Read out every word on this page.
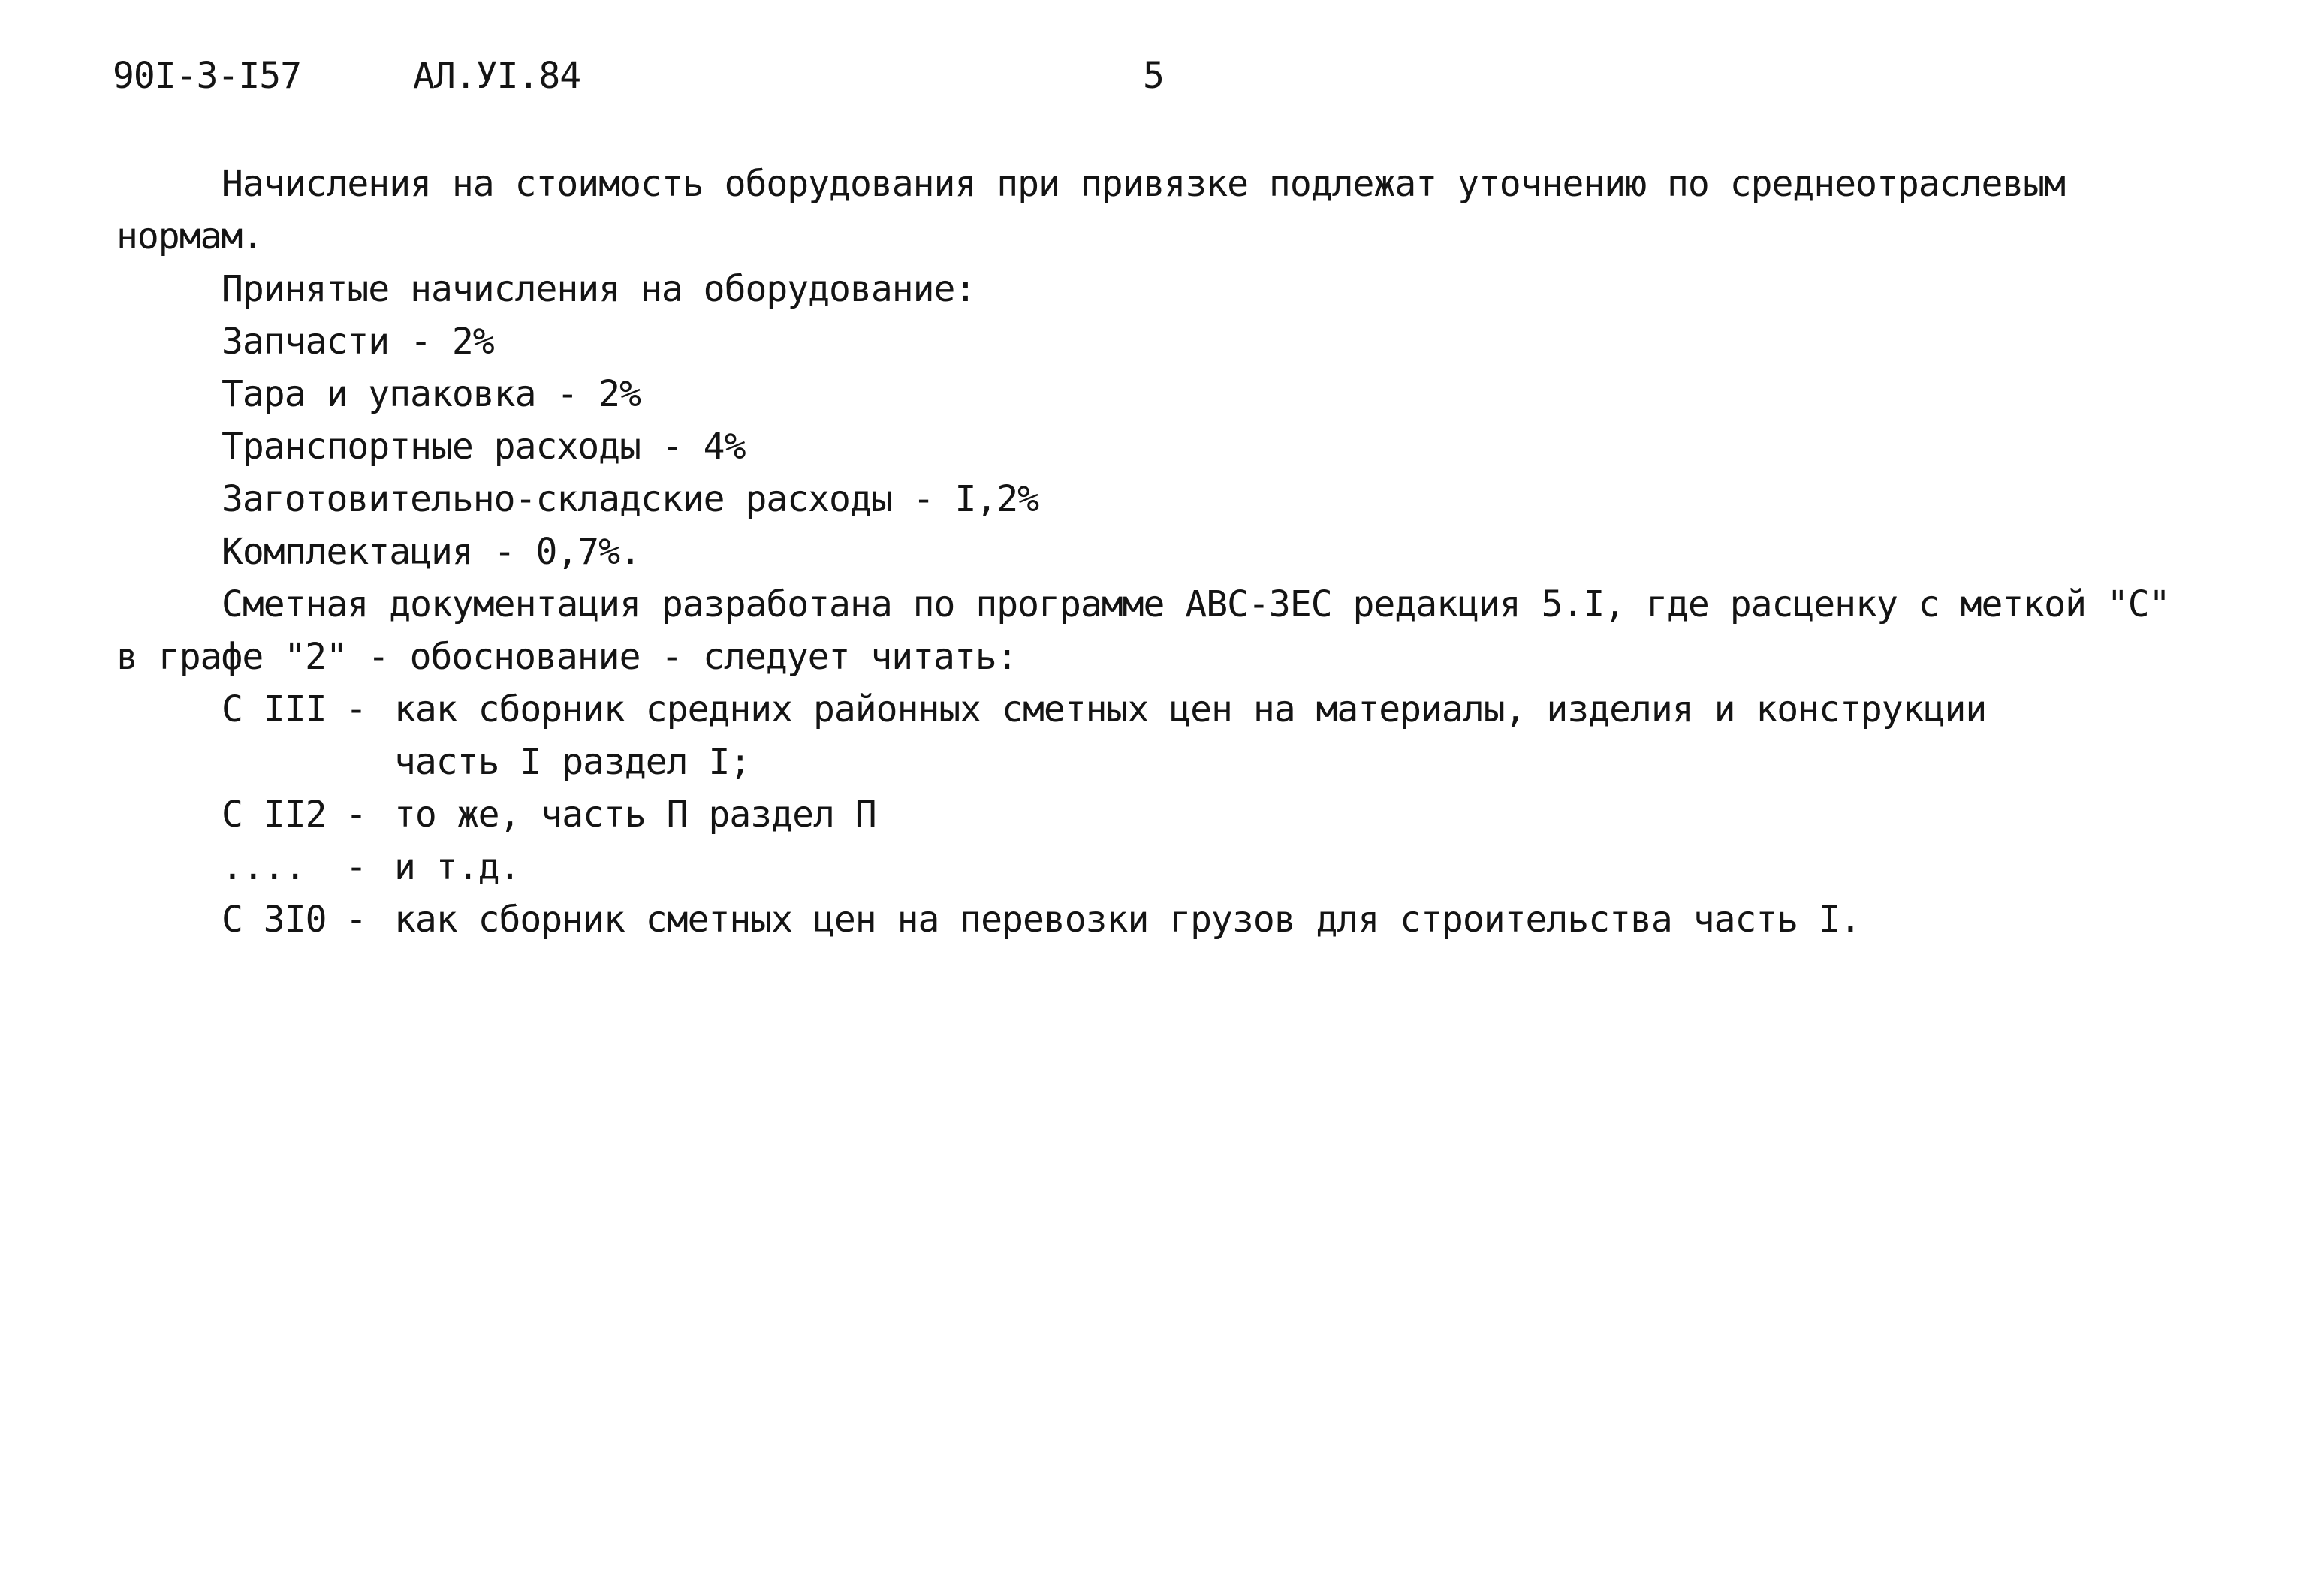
90I-3-I57	АЛ.УI.84	5
Начисления на стоимость оборудования при привязке подлежат уточнению по среднеотраслевым
нормам.
Принятые начисления на оборудование:
Запчасти - 2%
Тара и упаковка - 2%
Транспортные расходы - 4%
Заготовительно-складские расходы - I,2%
Комплектация - 0,7%.
Сметная документация разработана по программе АВС-ЗЕС редакция 5.I, где расценку с меткой "С"
в графе "2" - обоснование - следует читать:
С III - как сборник средних районных сметных цен на материалы, изделия и конструкции
часть I раздел I;
С II2 - то же, часть П раздел П
....	- и т.д.
С 3I0 - как сборник сметных цен на перевозки грузов для строительства часть I.
